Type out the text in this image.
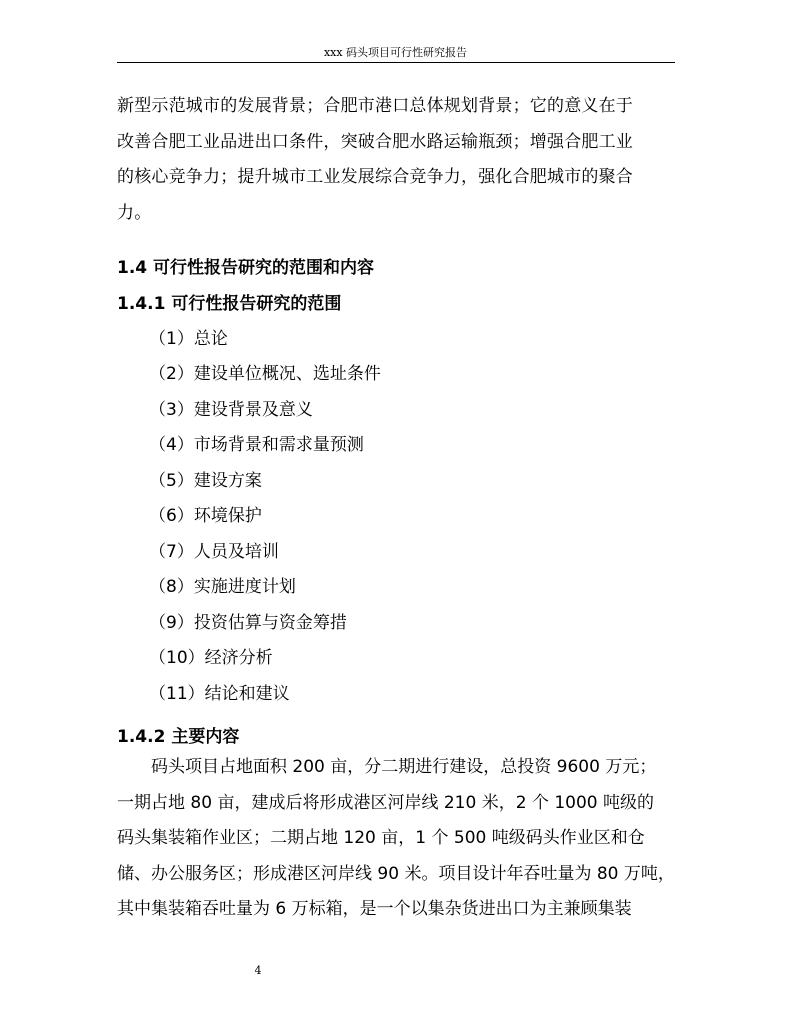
xxx 码头项目可行性研究报告
新型示范城市的发展背景；合肥市港口总体规划背景；它的意义在于
改善合肥工业品进出口条件，突破合肥水路运输瓶颈；增强合肥工业
的核心竞争力；提升城市工业发展综合竞争力，强化合肥城市的聚合
力。
1.4 可行性报告研究的范围和内容
1.4.1 可行性报告研究的范围

（1）总论

（2）建设单位概况、选址条件

（3）建设背景及意义

（4）市场背景和需求量预测

（5）建设方案

（6）环境保护

（7）人员及培训

（8）实施进度计划

（9）投资估算与资金筹措

（10）经济分析

（11）结论和建议

1.4.2 主要内容
　　码头项目占地面积 200 亩，分二期进行建设，总投资 9600 万元；
一期占地 80 亩，建成后将形成港区河岸线 210 米，2 个 1000 吨级的
码头集装箱作业区；二期占地 120 亩，1 个 500 吨级码头作业区和仓
储、办公服务区；形成港区河岸线 90 米。项目设计年吞吐量为 80 万吨，
其中集装箱吞吐量为 6 万标箱，是一个以集杂货进出口为主兼顾集装
4
